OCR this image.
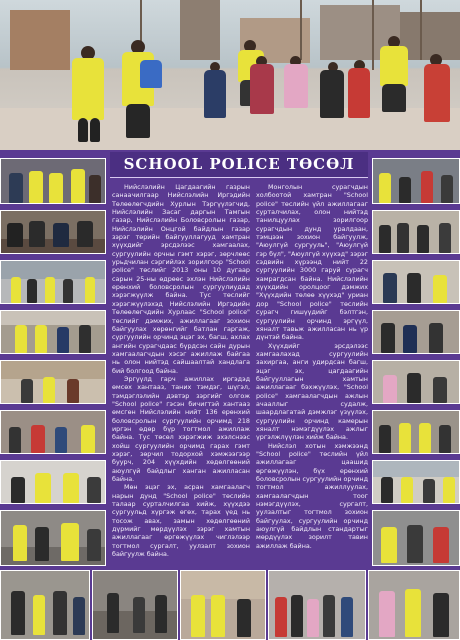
SCHOOL POLICE ТӨСӨЛ

Нийслэлийн Цагдаагийн газрын санаачилгаар Нийслэлийн Иргэдийн Төлөөлөгчдийн Хурлын Тэргүүлэгчид, Нийслэлийн Засаг даргын Тамгын газар, Нийслэлийн Боловсролын газар, Нийслэлийн Онцгой байдлын газар зэрэг төрийн байгууллагууд хамтран хүүхдийг эрсдэлээс хамгаалах, сургуулийн орчны гэмт хэрэг, зөрчлөөс урьдчилан сэргийлэх зорилгоор "School police" төслийг 2013 оны 10 дугаар сарын 25-ны өдрөөс эхлэн Нийслэлийн ерөнхий боловсролын сургуулиудад хэрэгжүүлж байна. Тус төслийг хэрэгжүүлэхэд Нийслэлийн Иргэдийн Төлөөлөгчдийн Хурлаас "School police" төслийг дэмжих, ажиллагааг зохион байгуулах хөрөнгийг батлан гаргаж, сургуулийн орчинд эцэг эх, багш, ахлах ангийн сурагчдаас бүрдсэн сайн дурын хамгаалагчдын хэсэг ажиллаж байгаа нь олон нийтэд сайшаалтай хандлага бий болгоод байна.

Эргүүлд гарч ажиллах иргэдэд өмсөх хантааз, таних тэмдэг, шүгэл, тэмдэглэлийн дэвтэр зэргийг олгож "School police" гэсэн бичигтэй хантааз өмсгөн Нийслэлийн нийт 136 ерөнхий боловсролын сургуулийн орчимд 218 иргэн өдөр бүр тогтмол ажиллаж байна. Тус төсөл хэрэгжиж эхэлснээс хойш сургуулийн орчимд гарах гэмт хэрэг, зөрчил тодорхой хэмжээгээр буурч, 204 хүүхдийн хөдөлгөөний аюулгүй байдлыг ханган ажилласан байна.

Мөн эцэг эх, асран хамгаалагч нарын дунд "School police" төслийн талаар сурталчилгаа хийж, хүүхдээ сургуульд хүргэж өгөх, тарах үед нь тосож авах, замын хөдөлгөөний дүрмийг мөрдүүлэх зэрэг хамтын ажиллагааг өргөжүүлэх чиглэлээр тогтмол сургалт, уулзалт зохион байгуулж байна.

Монголын сурагчдын холбоотой хамтран "School police" төслийн үйл ажиллагааг сурталчилах, олон нийтэд танилцуулах зорилгоор сурагчдын дунд уралдаан, тэмцээн зохион байгуулж, "Аюулгүй сургууль", "Аюулгүй гэр бүл", "Аюулгүй хүүхэд" зэрэг сэдвийн хүрээнд нийт 22 сургуулийн 3000 гаруй сурагч хамрагдсан байна. Нийслэлийн хүүхдийн оролцоог дэмжих "Хүүхдийн төлөө хүүхэд" уриан дор "School police" төслийн сурагч гишүүдийг бэлтгэн, сургуулийн орчинд эргүүл, хяналт тавьж ажилласан нь үр дүнтэй байна.

Хүүхдийг эрсдэлээс хамгаалахад сургуулийн захиргаа, анги удирдсан багш, эцэг эх, цагдаагийн байгууллагын хамтын ажиллагааг бэхжүүлэх, "School police" хамгаалагчдын ажлын ачааллыг судалж, шаардлагатай дэмжлэг үзүүлэх, сургуулийн орчинд камерын хяналт нэмэгдүүлэх ажлыг үргэлжлүүлэн хийж байна.

Нийслэл хотын хэмжээнд "School police" төслийн үйл ажиллагааг цаашид өргөжүүлэн, бүх ерөнхий боловсролын сургуулийн орчинд тогтмол ажиллуулах, хамгаалагчдын тоог нэмэгдүүлэх, сургалт, уулзалтыг тогтмол зохион байгуулах, сургуулийн орчинд аюулгүй байдлын стандартыг мөрдүүлэх зорилт тавин ажиллаж байна.
